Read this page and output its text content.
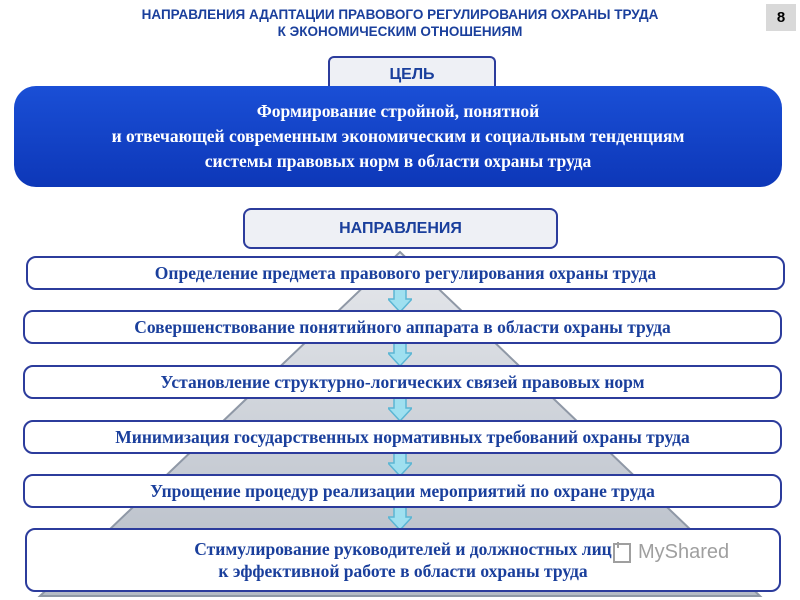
НАПРАВЛЕНИЯ АДАПТАЦИИ ПРАВОВОГО РЕГУЛИРОВАНИЯ ОХРАНЫ ТРУДА
К ЭКОНОМИЧЕСКИМ ОТНОШЕНИЯМ
8
ЦЕЛЬ
Формирование стройной, понятной
и отвечающей современным экономическим и социальным тенденциям
системы правовых норм в области охраны труда
НАПРАВЛЕНИЯ
Определение предмета правового регулирования охраны труда
Совершенствование понятийного аппарата в области охраны труда
Установление структурно-логических связей правовых норм
Минимизация государственных нормативных требований охраны труда
Упрощение процедур реализации мероприятий по охране труда
Стимулирование руководителей и должностных лиц
к эффективной работе в области охраны труда
MyShared
